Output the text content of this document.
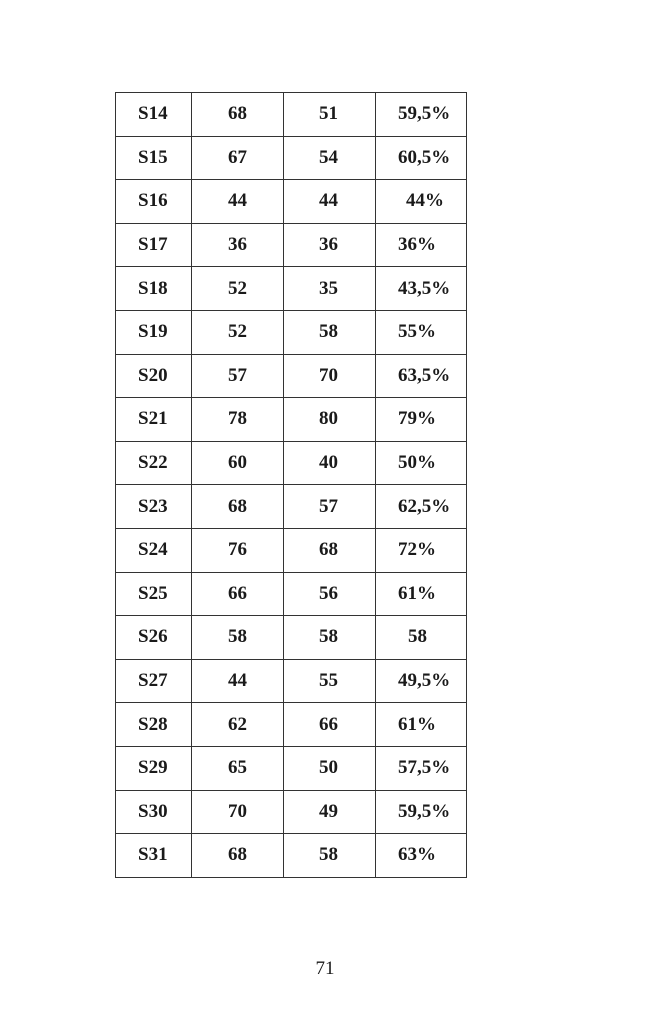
S14	68	51	59,5%
S15	67	54	60,5%
S16	44	44	44%
S17	36	36	36%
S18	52	35	43,5%
S19	52	58	55%
S20	57	70	63,5%
S21	78	80	79%
S22	60	40	50%
S23	68	57	62,5%
S24	76	68	72%
S25	66	56	61%
S26	58	58	58
S27	44	55	49,5%
S28	62	66	61%
S29	65	50	57,5%
S30	70	49	59,5%
S31	68	58	63%
71
